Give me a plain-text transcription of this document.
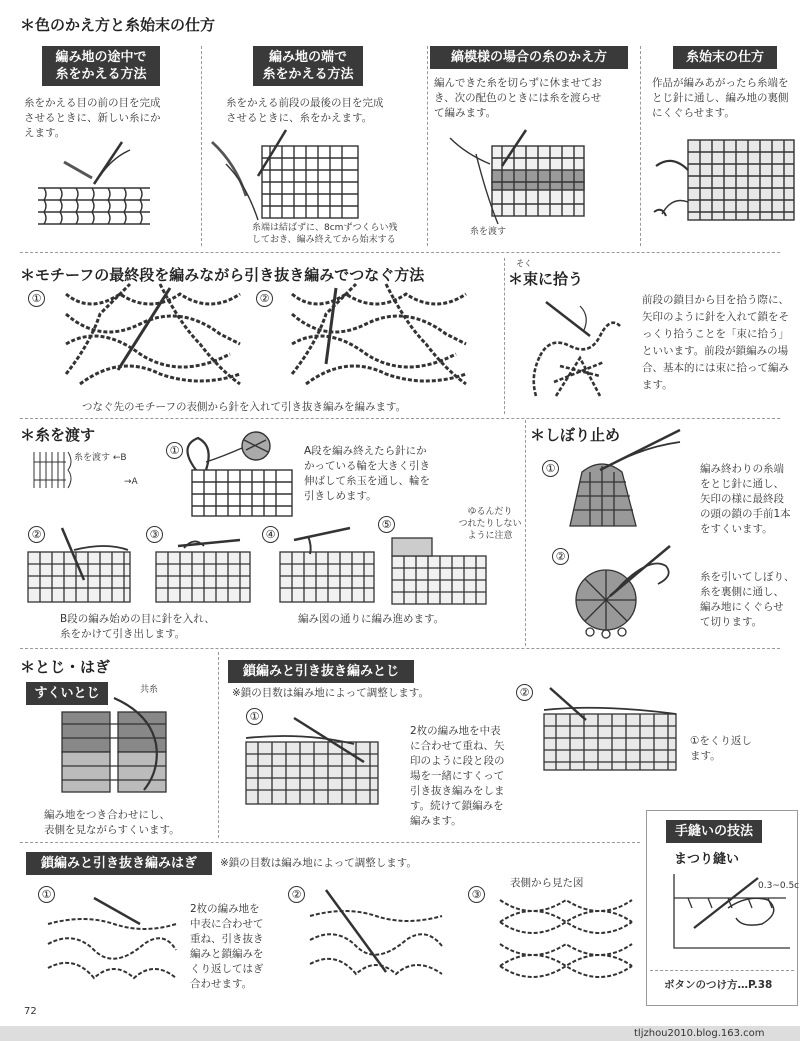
＊色のかえ方と糸始末の仕方
編み地の途中で
糸をかえる方法
糸をかえる目の前の目を完成
させるときに、新しい糸にか
えます。
編み地の端で
糸をかえる方法
糸をかえる前段の最後の目を完成
させるときに、糸をかえます。
糸端は結ばずに、8cmずつくらい残
しておき、編み終えてから始末する
縞模様の場合の糸のかえ方
編んできた糸を切らずに休ませてお
き、次の配色のときには糸を渡らせ
て編みます。
糸を渡す
糸始末の仕方
作品が編みあがったら糸端を
とじ針に通し、編み地の裏側
にくぐらせます。
＊モチーフの最終段を編みながら引き抜き編みでつなぐ方法
①	②
つなぐ先のモチーフの表側から針を入れて引き抜き編みを編みます。
そく
＊束に拾う
前段の鎖目から目を拾う際に、
矢印のように針を入れて鎖をそ
っくり拾うことを「束に拾う」
といいます。前段が鎖編みの場
合、基本的には束に拾って編み
ます。
＊糸を渡す
糸を渡す ←B
→A
①	A段を編み終えたら針にか
かっている輪を大きく引き
伸ばして糸玉を通し、輪を
引きしめます。
②	③	④
⑤
ゆるんだり
つれたりしない
ように注意
B段の編み始めの目に針を入れ、
糸をかけて引き出します。
編み図の通りに編み進めます。
＊しぼり止め
①	編み終わりの糸端
をとじ針に通し、
矢印の様に最終段
の頭の鎖の手前1本
をすくいます。
②
糸を引いてしぼり、
糸を裏側に通し、
編み地にくぐらせ
て切ります。
＊とじ・はぎ
すくいとじ	共糸
編み地をつき合わせにし、
表側を見ながらすくいます。
鎖編みと引き抜き編みとじ
※鎖の目数は編み地によって調整します。
①
2枚の編み地を中表
に合わせて重ね、矢
印のように段と段の
場を一緒にすくって
引き抜き編みをしま
す。続けて鎖編みを
編みます。
②
①をくり返し
ます。
鎖編みと引き抜き編みはぎ	※鎖の目数は編み地によって調整します。
①
2枚の編み地を
中表に合わせて
重ね、引き抜き
編みと鎖編みを
くり返してはぎ
合わせます。
②	③
表側から見た図
手縫いの技法
まつり縫い
0.3~0.5c
ボタンのつけ方…P.38
72
tljzhou2010.blog.163.com
